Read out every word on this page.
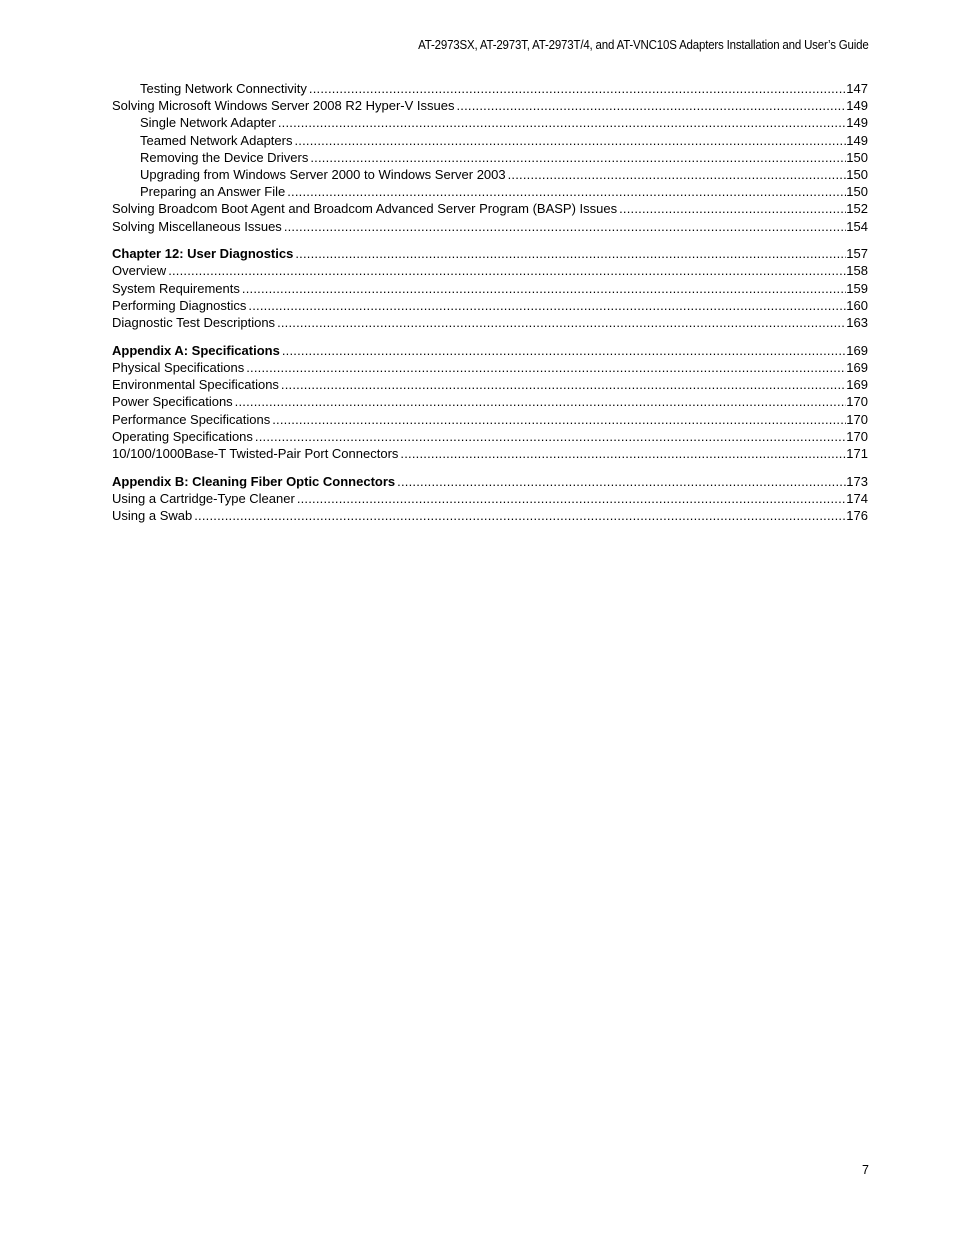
AT-2973SX, AT-2973T, AT-2973T/4, and AT-VNC10S Adapters Installation and User’s Guide
Testing Network Connectivity .....	147
Solving Microsoft Windows Server 2008 R2 Hyper-V Issues .....	149
Single Network Adapter .....	149
Teamed Network Adapters .....	149
Removing the Device Drivers .....	150
Upgrading from Windows Server 2000 to Windows Server 2003 .....	150
Preparing an Answer File .....	150
Solving Broadcom Boot Agent and Broadcom Advanced Server Program (BASP) Issues .....	152
Solving Miscellaneous Issues .....	154
Chapter 12: User Diagnostics .....	157
Overview .....	158
System Requirements .....	159
Performing Diagnostics .....	160
Diagnostic Test Descriptions .....	163
Appendix A: Specifications .....	169
Physical Specifications .....	169
Environmental Specifications .....	169
Power Specifications .....	170
Performance Specifications .....	170
Operating Specifications .....	170
10/100/1000Base-T Twisted-Pair Port Connectors .....	171
Appendix B: Cleaning Fiber Optic Connectors .....	173
Using a Cartridge-Type Cleaner .....	174
Using a Swab .....	176
7
